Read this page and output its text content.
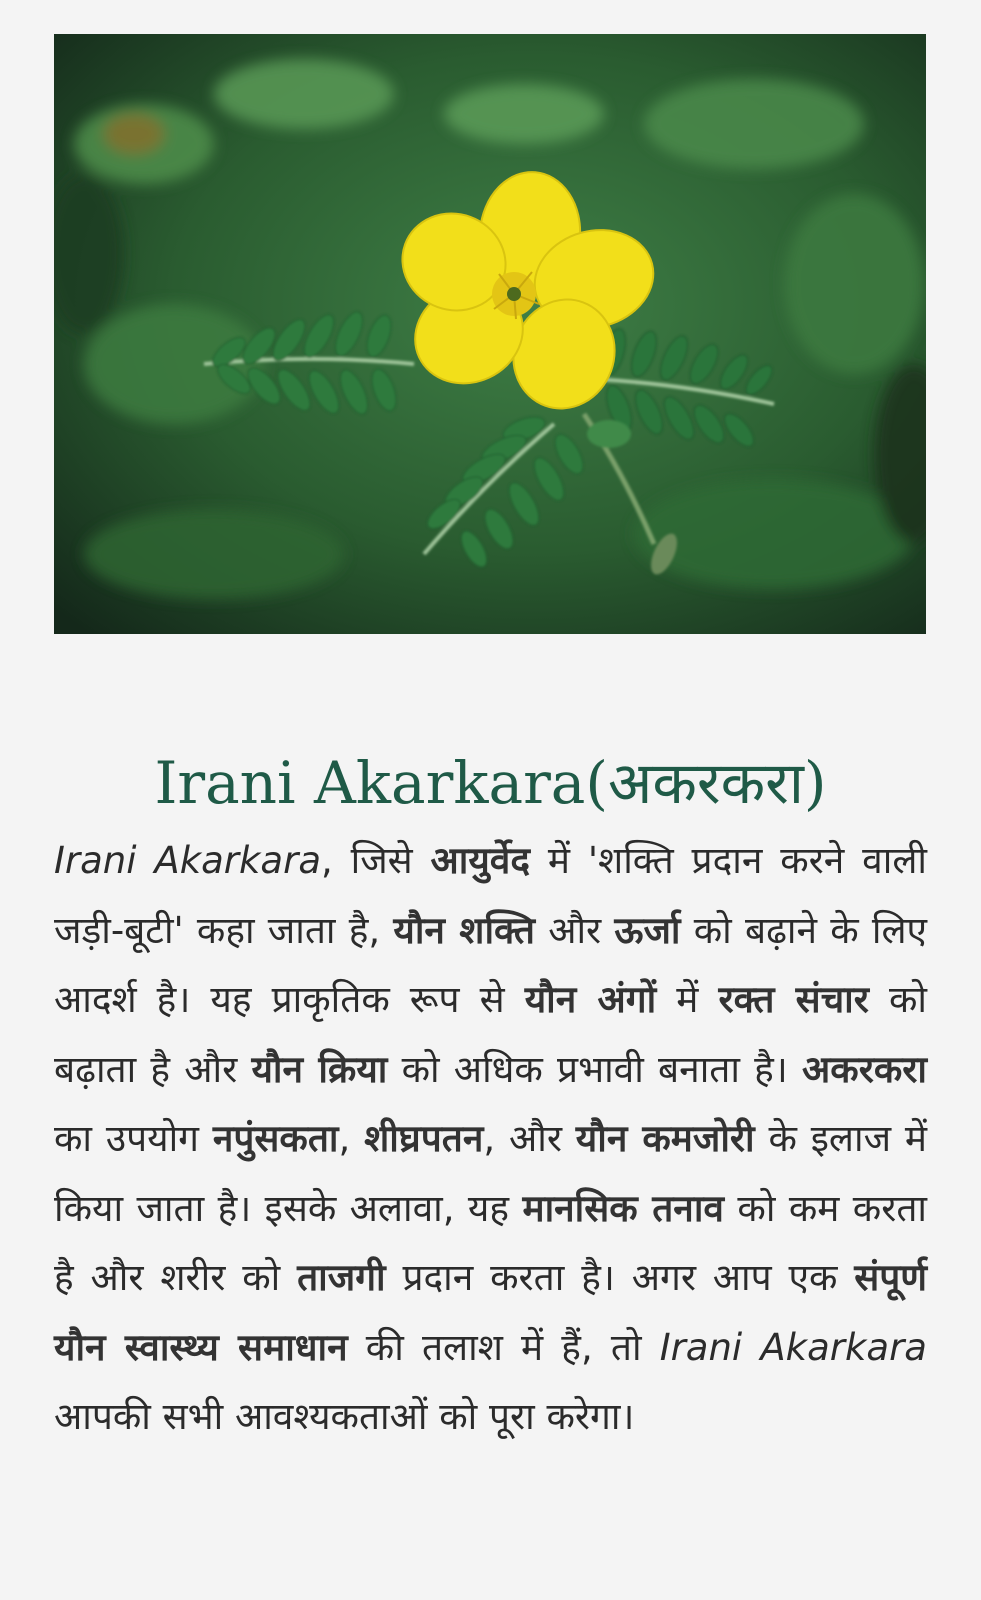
Irani Akarkara(अकरकरा)

Irani Akarkara, जिसे आयुर्वेद में 'शक्ति प्रदान करने वाली जड़ी-बूटी' कहा जाता है, यौन शक्ति और ऊर्जा को बढ़ाने के लिए आदर्श है। यह प्राकृतिक रूप से यौन अंगों में रक्त संचार को बढ़ाता है और यौन क्रिया को अधिक प्रभावी बनाता है। अकरकरा का उपयोग नपुंसकता, शीघ्रपतन, और यौन कमजोरी के इलाज में किया जाता है। इसके अलावा, यह मानसिक तनाव को कम करता है और शरीर को ताजगी प्रदान करता है। अगर आप एक संपूर्ण यौन स्वास्थ्य समाधान की तलाश में हैं, तो Irani Akarkara आपकी सभी आवश्यकताओं को पूरा करेगा।
